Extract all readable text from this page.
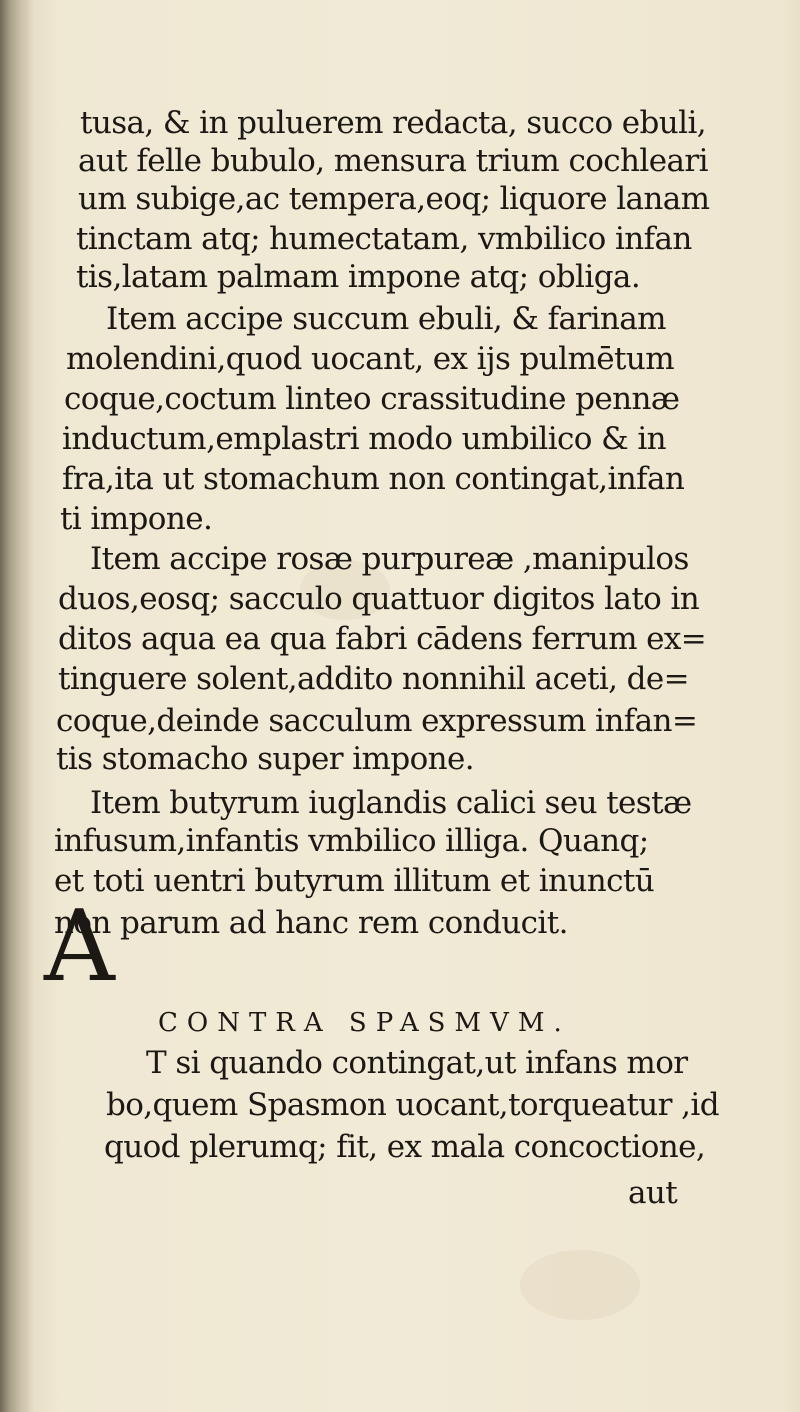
tusa, & in puluerem redacta, succo ebuli,
aut felle bubulo, mensura trium cochleari
um subige,ac tempera,eoq; liquore lanam
tinctam atq; humectatam, vmbilico infan
tis,latam palmam impone atq; obliga.
Item accipe succum ebuli, & farinam
molendini,quod uocant, ex ijs pulmētum
coque,coctum linteo crassitudine pennæ
inductum,emplastri modo umbilico & in
fra,ita ut stomachum non contingat,infan
ti impone.
Item accipe rosæ purpureæ ,manipulos
duos,eosq; sacculo quattuor digitos lato in
ditos aqua ea qua fabri cādens ferrum ex=
tinguere solent,addito nonnihil aceti, de=
coque,deinde sacculum expressum infan=
tis stomacho super impone.
Item butyrum iuglandis calici seu testæ
infusum,infantis vmbilico illiga. Quanq;
et toti uentri butyrum illitum et inunctū
non parum ad hanc rem conducit.
A
CONTRA SPASMVM.
T si quando contingat,ut infans mor
bo,quem Spasmon uocant,torqueatur ,id
quod plerumq; fit, ex mala concoctione,
aut
